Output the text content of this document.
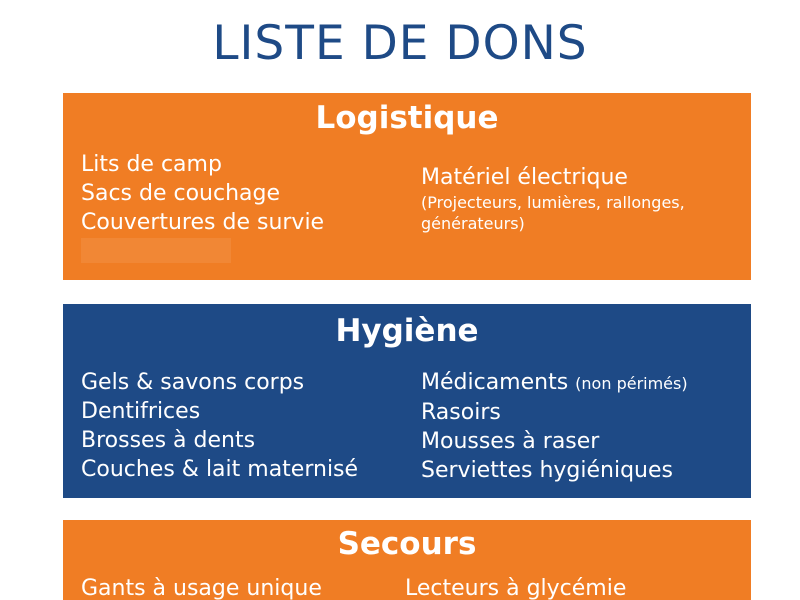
LISTE DE DONS
Logistique
Lits de camp
Sacs de couchage
Couvertures de survie
Matériel électrique
(Projecteurs, lumières, rallonges, générateurs)
Hygiène
Gels & savons corps
Dentifrices
Brosses à dents
Couches & lait maternisé
Médicaments (non périmés)
Rasoirs
Mousses à raser
Serviettes hygiéniques
Secours
Gants à usage unique	Lecteurs à glycémie
